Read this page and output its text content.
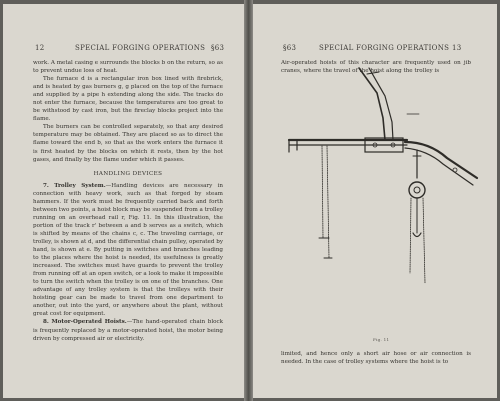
12	SPECIAL FORGING OPERATIONS §63

work. A metal casing e surrounds the blocks b on the return, so as to prevent undue loss of heat.

The furnace d is a rectangular iron box lined with firebrick, and is heated by gas burners g, g placed on the top of the furnace and supplied by a pipe h extending along the side. The tracks do not enter the furnace, because the temperatures are too great to be withstood by cast iron, but the fireclay blocks project into the flame.

The burners can be controlled separately, so that any desired temperature may be obtained. They are placed so as to direct the flame toward the end b, so that as the work enters the furnace it is first heated by the blocks on which it rests, then by the hot gases, and finally by the flame under which it passes.

HANDLING DEVICES

7. Trolley System.—Handling devices are necessary in connection with heavy work, such as that forged by steam hammers. If the work must be frequently carried back and forth between two points, a hoist block may be suspended from a trolley running on an overhead rail r, Fig. 11. In this illustration, the portion of the track r' between a and b serves as a switch, which is shifted by means of the chains c, c. The traveling carriage, or trolley, is shown at d, and the differential chain pulley, operated by hand, is shown at e. By putting in switches and branches leading to the places where the hoist is needed, its usefulness is greatly increased. The switches must have guards to prevent the trolley from running off at an open switch, or a look to make it impossible to turn the switch when the trolley is on one of the branches. One advantage of any trolley system is that the trolleys with their hoisting gear can be made to travel from one department to another, out into the yard, or anywhere about the plant, without great cost for equipment.

8. Motor-Operated Hoists.—The hand-operated chain block is frequently replaced by a motor-operated hoist, the motor being driven by compressed air or electricity.

§63	SPECIAL FORGING OPERATIONS 13
Air-operated hoists of this character are frequently used on jib cranes, where the travel of the hoist along the trolley is
Fig. 11
limited, and hence only a short air hose or air connection is needed. In the case of trolley systems where the hoist is to
